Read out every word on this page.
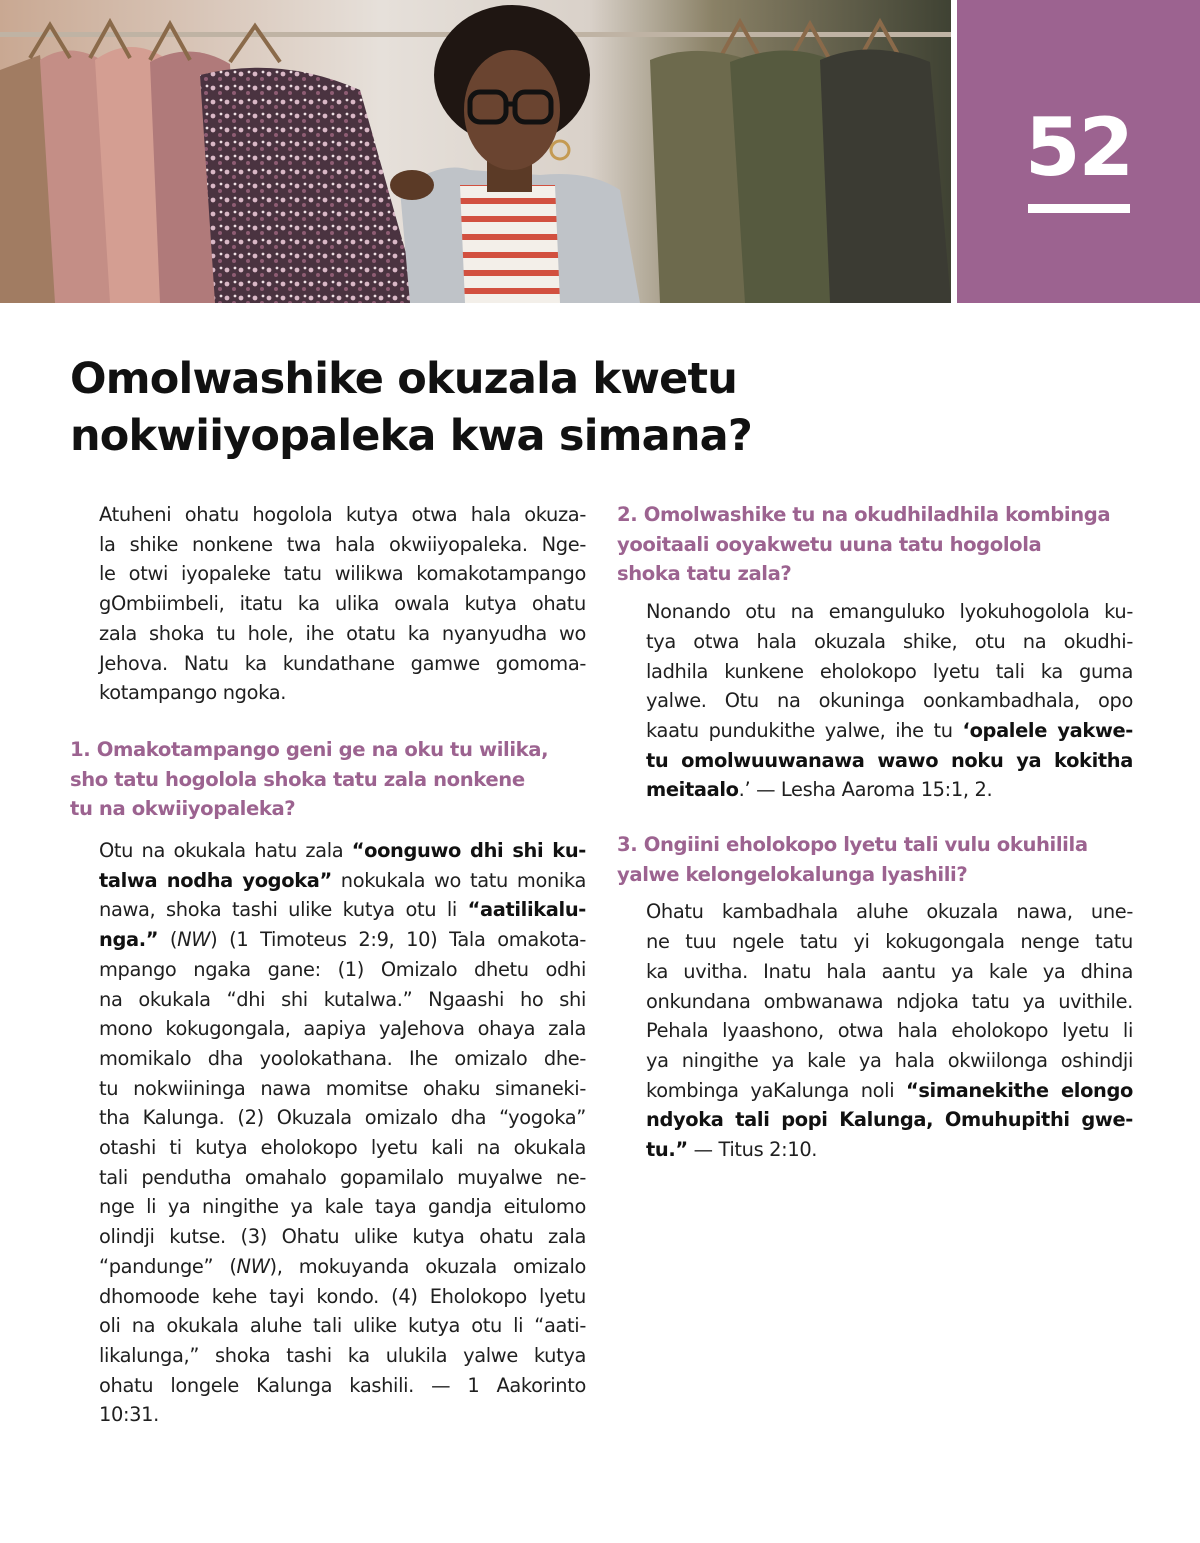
52
Omolwashike okuzala kwetu
nokwiiyopaleka kwa simana?

Atuheni ohatu hogolola kutya otwa hala okuza-
la shike nonkene twa hala okwiiyopaleka. Nge-
le otwi iyopaleke tatu wilikwa komakotampango
gOmbiimbeli, itatu ka ulika owala kutya ohatu
zala shoka tu hole, ihe otatu ka nyanyudha wo
Jehova. Natu ka kundathane gamwe gomoma-
kotampango ngoka.

1. Omakotampango geni ge na oku tu wilika,
sho tatu hogolola shoka tatu zala nonkene
tu na okwiiyopaleka?

Otu na okukala hatu zala “oonguwo dhi shi ku-
talwa nodha yogoka” nokukala wo tatu monika
nawa, shoka tashi ulike kutya otu li “aatilikalu-
nga.” (NW) (1 Timoteus 2:9, 10) Tala omakota-
mpango ngaka gane: (1) Omizalo dhetu odhi
na okukala “dhi shi kutalwa.” Ngaashi ho shi
mono kokugongala, aapiya yaJehova ohaya zala
momikalo dha yoolokathana. Ihe omizalo dhe-
tu nokwiininga nawa momitse ohaku simaneki-
tha Kalunga. (2) Okuzala omizalo dha “yogoka”
otashi ti kutya eholokopo lyetu kali na okukala
tali pendutha omahalo gopamilalo muyalwe ne-
nge li ya ningithe ya kale taya gandja eitulomo
olindji kutse. (3) Ohatu ulike kutya ohatu zala
“pandunge” (NW), mokuyanda okuzala omizalo
dhomoode kehe tayi kondo. (4) Eholokopo lyetu
oli na okukala aluhe tali ulike kutya otu li “aati-
likalunga,” shoka tashi ka ulukila yalwe kutya
ohatu longele Kalunga kashili. — 1 Aakorinto
10:31.

2. Omolwashike tu na okudhiladhila kombinga
yooitaali ooyakwetu uuna tatu hogolola
shoka tatu zala?

Nonando otu na emanguluko lyokuhogolola ku-
tya otwa hala okuzala shike, otu na okudhi-
ladhila kunkene eholokopo lyetu tali ka guma
yalwe. Otu na okuninga oonkambadhala, opo
kaatu pundukithe yalwe, ihe tu ‘opalele yakwe-
tu omolwuuwanawa wawo noku ya kokitha
meitaalo.’ — Lesha Aaroma 15:1, 2.

3. Ongiini eholokopo lyetu tali vulu okuhilila
yalwe kelongelokalunga lyashili?

Ohatu kambadhala aluhe okuzala nawa, une-
ne tuu ngele tatu yi kokugongala nenge tatu
ka uvitha. Inatu hala aantu ya kale ya dhina
onkundana ombwanawa ndjoka tatu ya uvithile.
Pehala lyaashono, otwa hala eholokopo lyetu li
ya ningithe ya kale ya hala okwiilonga oshindji
kombinga yaKalunga noli “simanekithe elongo
ndyoka tali popi Kalunga, Omuhupithi gwe-
tu.” — Titus 2:10.
